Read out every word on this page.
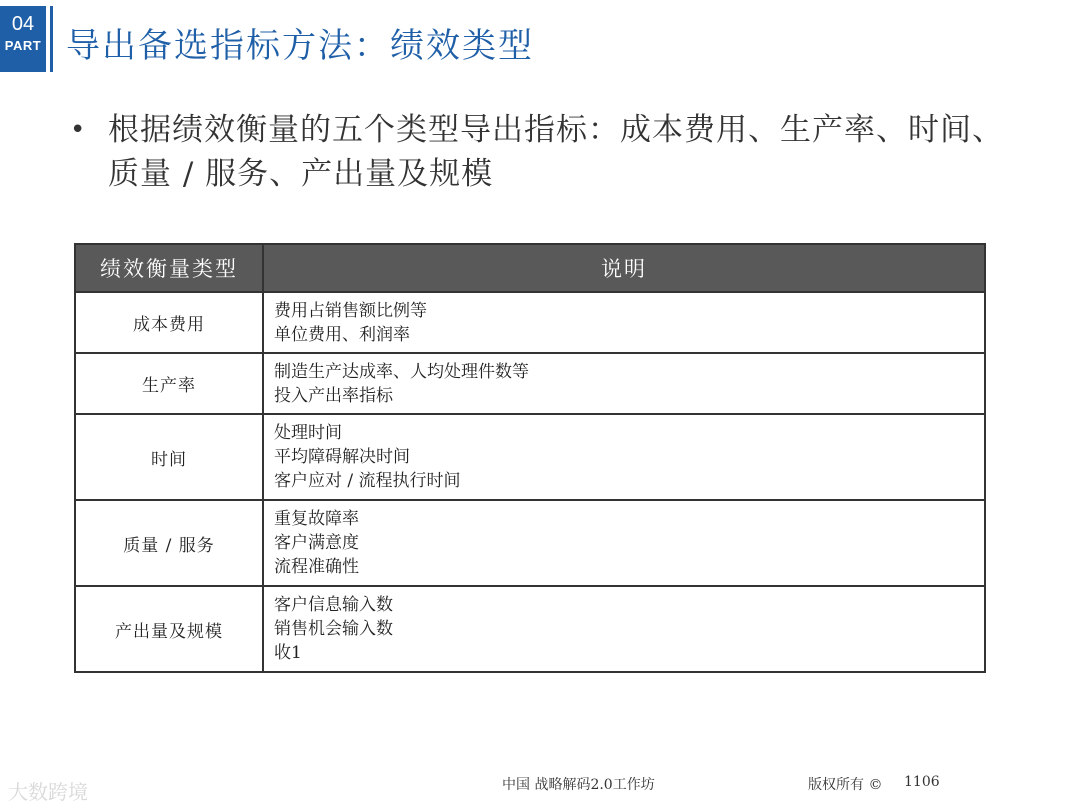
04
PART 导出备选指标方法：绩效类型
• 根据绩效衡量的五个类型导出指标：成本费用、生产率、时间、质量 / 服务、产出量及规模
绩效衡量类型	说明
成本费用	费用占销售额比例等
单位费用、利润率

生产率	制造生产达成率、人均处理件数等
投入产出率指标

时间	处理时间
平均障碍解决时间
客户应对 / 流程执行时间

质量 / 服务	重复故障率
客户满意度
流程准确性

产出量及规模	客户信息输入数
销售机会输入数
收1
大数跨境	中国 战略解码2.0工作坊	版权所有 © 1106
